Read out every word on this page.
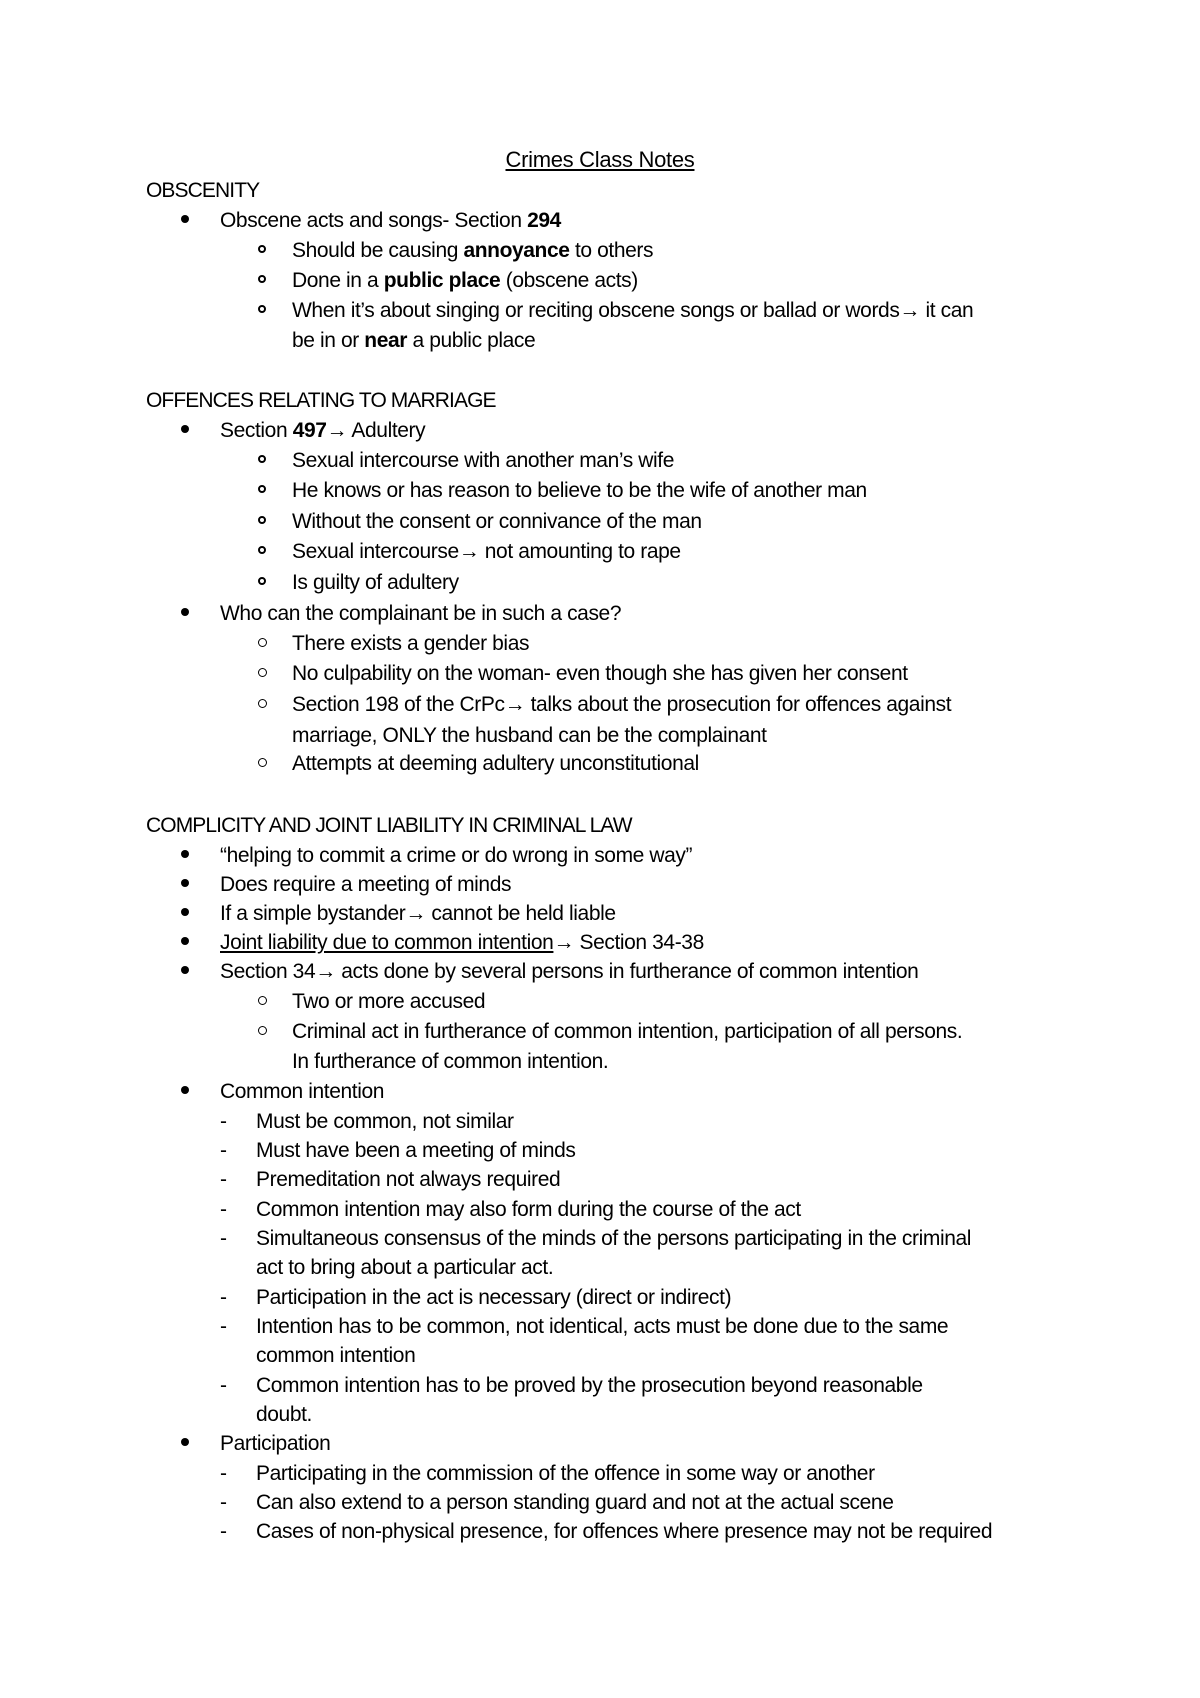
Crimes Class Notes
OBSCENITY
Obscene acts and songs- Section 294
Should be causing annoyance to others
Done in a public place (obscene acts)
When it’s about singing or reciting obscene songs or ballad or words→ it can
be in or near a public place
OFFENCES RELATING TO MARRIAGE
Section 497→ Adultery
Sexual intercourse with another man’s wife
He knows or has reason to believe to be the wife of another man
Without the consent or connivance of the man
Sexual intercourse→ not amounting to rape
Is guilty of adultery
Who can the complainant be in such a case?
There exists a gender bias
No culpability on the woman- even though she has given her consent
Section 198 of the CrPc→ talks about the prosecution for offences against
marriage, ONLY the husband can be the complainant
Attempts at deeming adultery unconstitutional
COMPLICITY AND JOINT LIABILITY IN CRIMINAL LAW
“helping to commit a crime or do wrong in some way”
Does require a meeting of minds
If a simple bystander→ cannot be held liable
Joint liability due to common intention→ Section 34-38
Section 34→ acts done by several persons in furtherance of common intention
Two or more accused
Criminal act in furtherance of common intention, participation of all persons.
In furtherance of common intention.
Common intention
- Must be common, not similar
- Must have been a meeting of minds
- Premeditation not always required
- Common intention may also form during the course of the act
- Simultaneous consensus of the minds of the persons participating in the criminal
act to bring about a particular act.
- Participation in the act is necessary (direct or indirect)
- Intention has to be common, not identical, acts must be done due to the same
common intention
- Common intention has to be proved by the prosecution beyond reasonable
doubt.
Participation
- Participating in the commission of the offence in some way or another
- Can also extend to a person standing guard and not at the actual scene
- Cases of non-physical presence, for offences where presence may not be required
